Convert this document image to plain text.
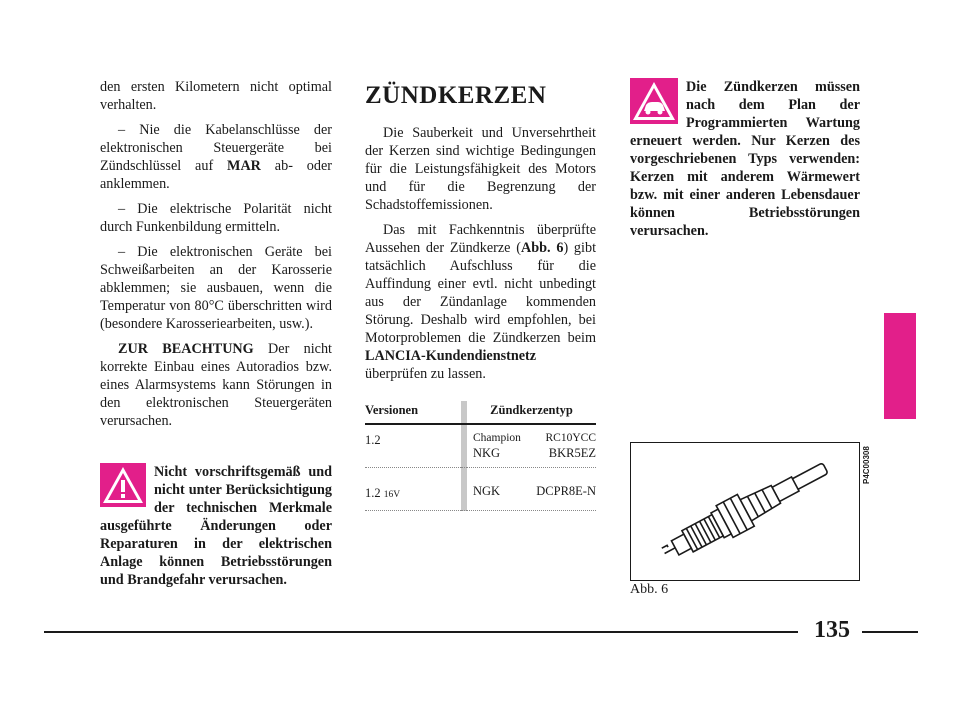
den ersten Kilometern nicht optimal verhalten.

– Nie die Kabelanschlüsse der elektronischen Steuergeräte bei Zündschlüssel auf MAR ab- oder anklemmen.

– Die elektrische Polarität nicht durch Funkenbildung ermitteln.

– Die elektronischen Geräte bei Schweißarbeiten an der Karosserie abklemmen; sie ausbauen, wenn die Temperatur von 80°C überschritten wird (besondere Karosseriearbeiten, usw.).

ZUR BEACHTUNG Der nicht korrekte Einbau eines Autoradios bzw. eines Alarmsystems kann Störungen in den elektronischen Steuergeräten verursachen.

Nicht vorschriftsgemäß und nicht unter Berücksichtigung der technischen Merkmale ausgeführte Änderungen oder Reparaturen in der elektrischen Anlage können Betriebsstörungen und Brandgefahr verursachen.
ZÜNDKERZEN

Die Sauberkeit und Unversehrtheit der Kerzen sind wichtige Bedingungen für die Leistungsfähigkeit des Motors und für die Begrenzung der Schadstoffemissionen.

Das mit Fachkenntnis überprüfte Aussehen der Zündkerze (Abb. 6) gibt tatsächlich Aufschluss für die Auffindung einer evtl. nicht unbedingt aus der Zündanlage kommenden Störung. Deshalb wird empfohlen, bei Motorproblemen die Zündkerzen beim LANCIA-Kundendienstnetz überprüfen zu lassen.

Versionen		Zündkerzentyp
1.2		Champion RC10YCC
NKG BKR5EZ

1.2 16V		NGK DCPR8E-N
Die Zündkerzen müssen nach dem Plan der Programmierten Wartung erneuert werden. Nur Kerzen des vorgeschriebenen Typs verwenden: Kerzen mit anderem Wärmewert bzw. mit einer anderen Lebensdauer können Betriebsstörungen verursachen.
P4C00308
Abb. 6
135
